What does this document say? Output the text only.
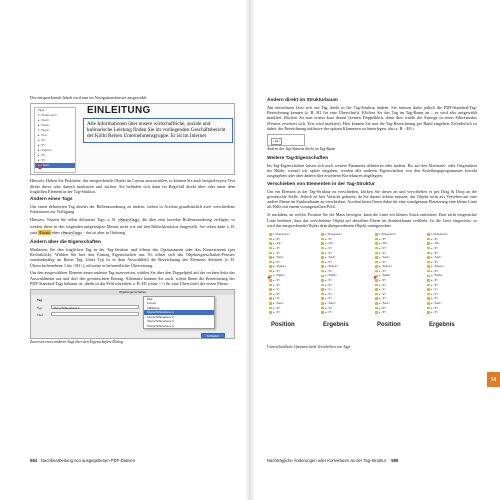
Der entsprechende Inhalt wird nun im Navigationsfenster ausgewählt.

Tags
▾ <Dokument>
▸ <Sect>
▸ <Sect>
▾ <Sect>
▸ <H1>
▸ <P>
▸ <P>
▸ <Figure>
▸ <P>
▸ <P>
▸ <Sect>
EINLEITUNG
Alle Informationen über unsere wirtschaftliche, soziale und kulinarische Leistung finden Sie im vorliegenden Geschäftsbericht der Kölln Reisen Unternehmensgruppe. Er ist im Internet

Hinweis: Haben Sie Probleme, das entsprechende Objekt im Layout auszuwählen, so können Sie auch beispielsweise Text direkt davor oder danach markieren und suchen. Sie befinden sich dann im Regelfall direkt über oder unter dem fraglichen Element in der Tag-Struktur.

Ändern eines Tags

Um einen definierten Tag abseits der Rollenzuordnung zu ändern, stehen in Acrobat grundsätzlich zwei verschiedene Funktionen zur Verfügung.

Hinweis: Nutzen Sie selbst definierte Tags, z. B. <MeinTag>, die über eine korrekte Rollenzuordnung verfügen, so werden diese in den folgenden aufgezeigten Menüs nicht wie auf den Bildschirmfotos dargestellt. Sie sehen dann z. B. statt Absatz eben <MeinTag> - das ist aber in Ordnung.

Ändern über die Eigenschaften

Markieren Sie den fraglichen Tag in der Tag-Struktur und öffnen das Optionsmenü oder das Kontextmenü (per Rechtsklick). Wählen Sie hier den Eintrag Eigenschaften aus. Es öffnet sich das Objekteigenschaften-Fenster, standardmäßig im Reiter Tag. Unter Typ ist in dem Auswahlfeld die Bezeichnung des Elements definiert (z. B. Überschriftenebene 1 für <H1>), teilweise in befremdlicher Übersetzung.

Um den ausgewählten Element einen anderen Tag zuzuweisen, wählen Sie über den Doppelpfeil auf der rechten Seite das Auswahlmenü aus und dort den gewünschten Eintrag. Alternativ können Sie auch, sofern Ihnen die Bezeichnung des PDF-Standard-Tags bekannt ist, direkt in das Feld schreiben, z. B. H1 (ohne <>) für eine Überschrift der ersten Ebene.

Objekteigenschaften
Tag
Typ:	Überschriftenebene 1
Titel:
Zitat
Formel
Abbildung
Überschriftenebene 1
Überschriftenebene 2
Überschriftenebene 3
Überschriftenebene 4
Schließen
Zuweisen eines anderen Tags über den Eigenschaften-Dialog
584 Nachbearbeitung von ausgegebenen PDF-Dateien
Ändern direkt im Strukturbaum

Am einfachsten lässt sich ein Tag direkt in der Tag-Struktur ändern. Sie müssen dafür jedoch die PDF-Standard-Tag-Bezeichnung kennen (z. B. H1 für eine Überschrift). Klicken Sie das Tag im Tag-Baum an – es wird also ausgewählt markiert. Klicken Sie nun erneut kurz darauf (keinen Doppelklick, denn dies würde die Anzeige in einen Editormodus (Fenster erweitert sich, Text wird markiert). Hier können Sie nun die Tag-Bezeichnung per Hand eingeben. Erforderlich ist dabei, die Bezeichnung inklusive der spitzen Klammern zu hinterlegen, also z. B. <H1>.

<H1>
Ändern des Tag-Namens direkt im Tag-Baum
Weitere Tag-Eigenschaften

Im Tag-Eigenschaften lassen sich noch weitere Parameter definieren oder ändern. Bis auf den Alternativ- oder Originaltext für Bilder, worauf wir später eingehen, werden alle anderen Eigenschaften von den Erstellungsprogrammen korrekt ausgegeben oder aber ändern hier erweiterte Korrekturen abgelegten.

Verschieben von Elementen in der Tag-Struktur

Um ein Element in der Tag-Struktur zu verschieben, klicken Sie dieses an und verschieben es per Drag & Drop an die gewünschte Stelle. Jedoch ist hier Vorsicht geboten, da Sie darauf achten müssen, das Objekt nicht aus Versehen auf eine andere Ebene im Strukturbaum zu verschieben. Acrobat bietet Ihnen dabei für eine standgenaue Platzierung eine kleine Linie als Hilfe mit einem vorangestellten Pfeil.

Je nachdem, an welche Position Sie die Maus bewegen, kann die Linie ein kleines Stück einrücken. Eine nicht eingerückte Linie bedeutet, dass das verschobene Objekt auf derselben Ebene im Strukturbaum verbleibt. Ist die Linie eingerückt, so wird das entsprechende Objekt dem übergeordneten Objekt untergeordnet.

▾ <Dokument>
▸ <P>
▸ <H1>
▸ <P>
▸ <P>
▸ <Sect>
▸ <P>
▸ <Figure>
▸ <P>
▸ <Table>
▸ <P>
▸ <P>
▸ <L>
▸ <P>
▸ <P>
▸ <Sect>
▸ <P>
▸ <P>
▾ <Dokument>
▸ <P>
▸ <H1>
▸ <P>
▸ <P>
▸ <Sect>
▸ <P>
▸ <Figure>
▸ <P>
▸ <Table>
▸ <P>
▸ <P>
▸ <L>
▸ <P>
▸ <P>
▸ <Sect>
▸ <P>
▸ <P>
▾ <Dokument>
▸ <P>
▸ <H1>
▸ <P>
▸ <P>
▸ <Sect>
▸ <P>
▸ <Figure>
▸ <P>
▸ <Table>
▸ <P>
▸ <P>
▸ <L>
▸ <P>
▸ <P>
▸ <Sect>
▸ <P>
▸ <P>
▾ <Dokument>
▸ <P>
▸ <H1>
▸ <P>
▸ <P>
▸ <Sect>
▸ <P>
▸ <Figure>
▸ <P>
▸ <Table>
▸ <P>
▸ <P>
▸ <L>
▸ <P>
▸ <P>
▸ <Sect>
▸ <P>
▸ <P>
▸	▸
Position	Ergebnis	Position	Ergebnis
Unterschiedliche Optionen beim Verschieben von Tags
14
Nachträgliche Änderungen oder Korrekturen an der Tag-Struktur 585
